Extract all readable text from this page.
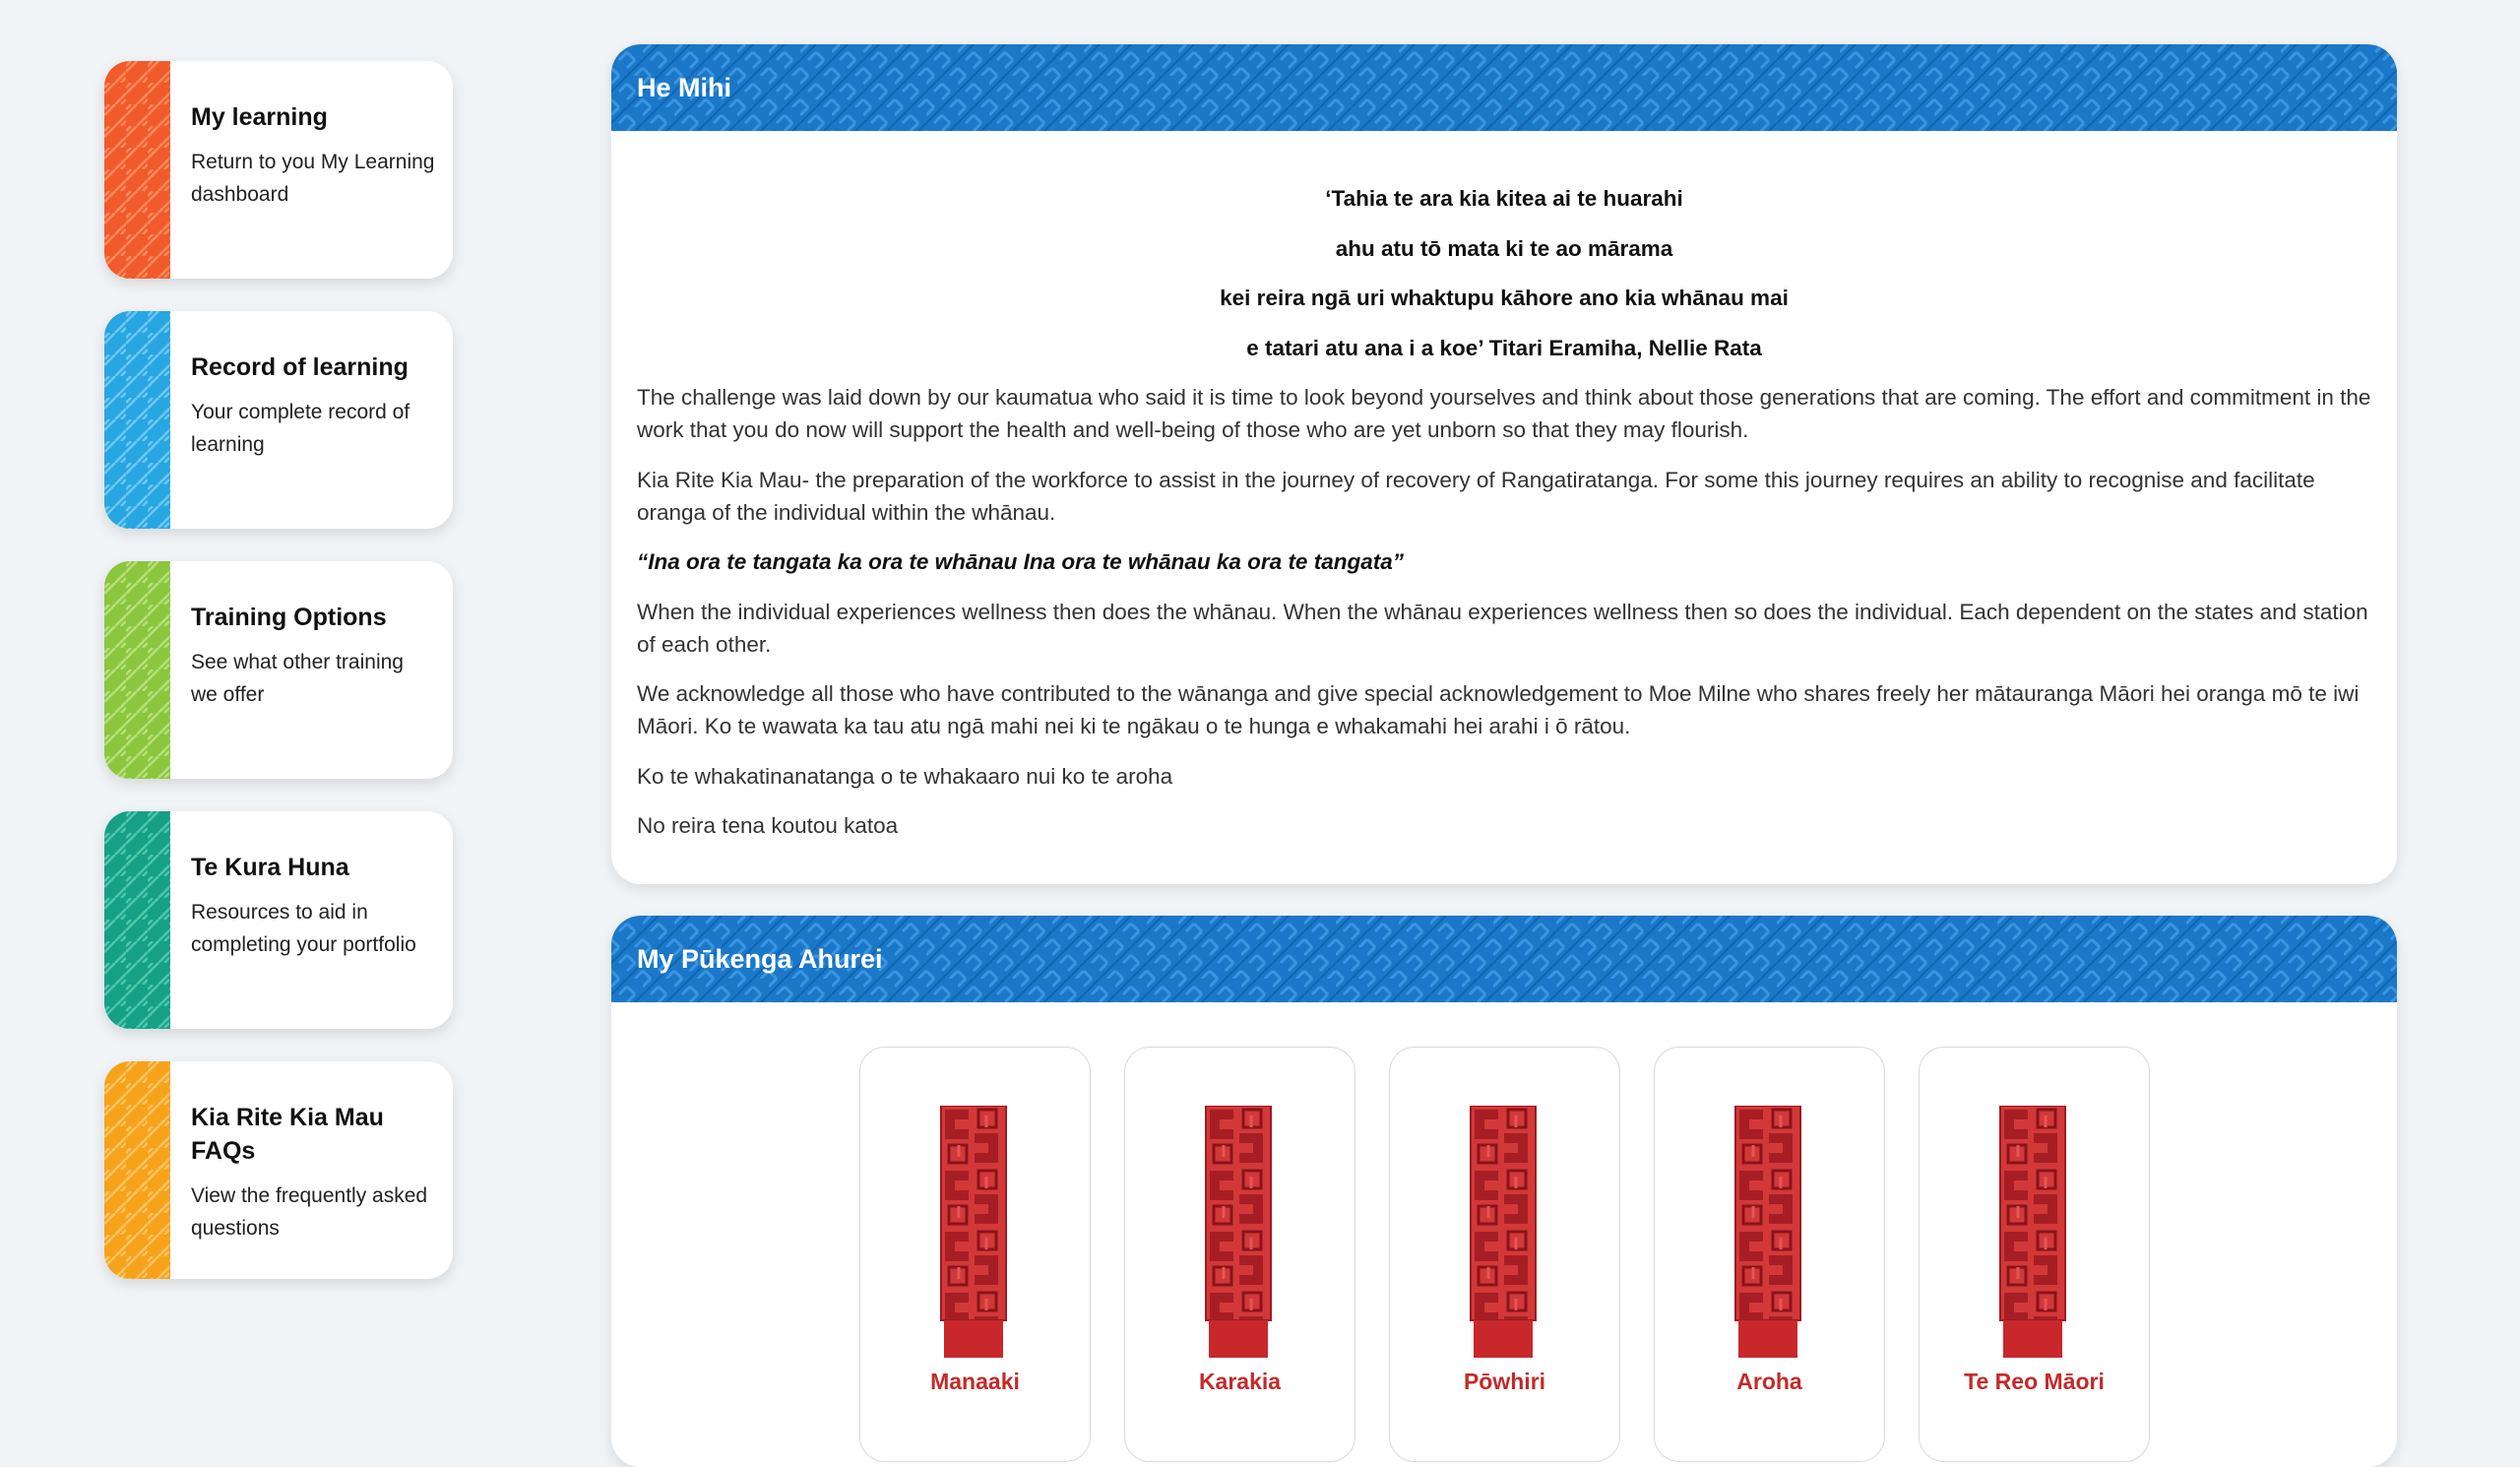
My learning
Return to you My Learning dashboard
Record of learning
Your complete record of learning
Training Options
See what other training we offer
Te Kura Huna
Resources to aid in completing your portfolio
Kia Rite Kia Mau FAQs
View the frequently asked questions
He Mihi

‘Tahia te ara kia kitea ai te huarahi

ahu atu tō mata ki te ao mārama

kei reira ngā uri whaktupu kāhore ano kia whānau mai

e tatari atu ana i a koe’ Titari Eramiha, Nellie Rata

The challenge was laid down by our kaumatua who said it is time to look beyond yourselves and think about those generations that are coming. The effort and commitment in the work that you do now will support the health and well-being of those who are yet unborn so that they may flourish.

Kia Rite Kia Mau- the preparation of the workforce to assist in the journey of recovery of Rangatiratanga. For some this journey requires an ability to recognise and facilitate oranga of the individual within the whānau.

“Ina ora te tangata ka ora te whānau Ina ora te whānau ka ora te tangata”

When the individual experiences wellness then does the whānau. When the whānau experiences wellness then so does the individual. Each dependent on the states and station of each other.

We acknowledge all those who have contributed to the wānanga and give special acknowledgement to Moe Milne who shares freely her mātauranga Māori hei oranga mō te iwi Māori. Ko te wawata ka tau atu ngā mahi nei ki te ngākau o te hunga e whakamahi hei arahi i ō rātou.

Ko te whakatinanatanga o te whakaaro nui ko te aroha

No reira tena koutou katoa

My Pūkenga Ahurei
Manaaki	Karakia	Pōwhiri	Aroha	Te Reo Māori
